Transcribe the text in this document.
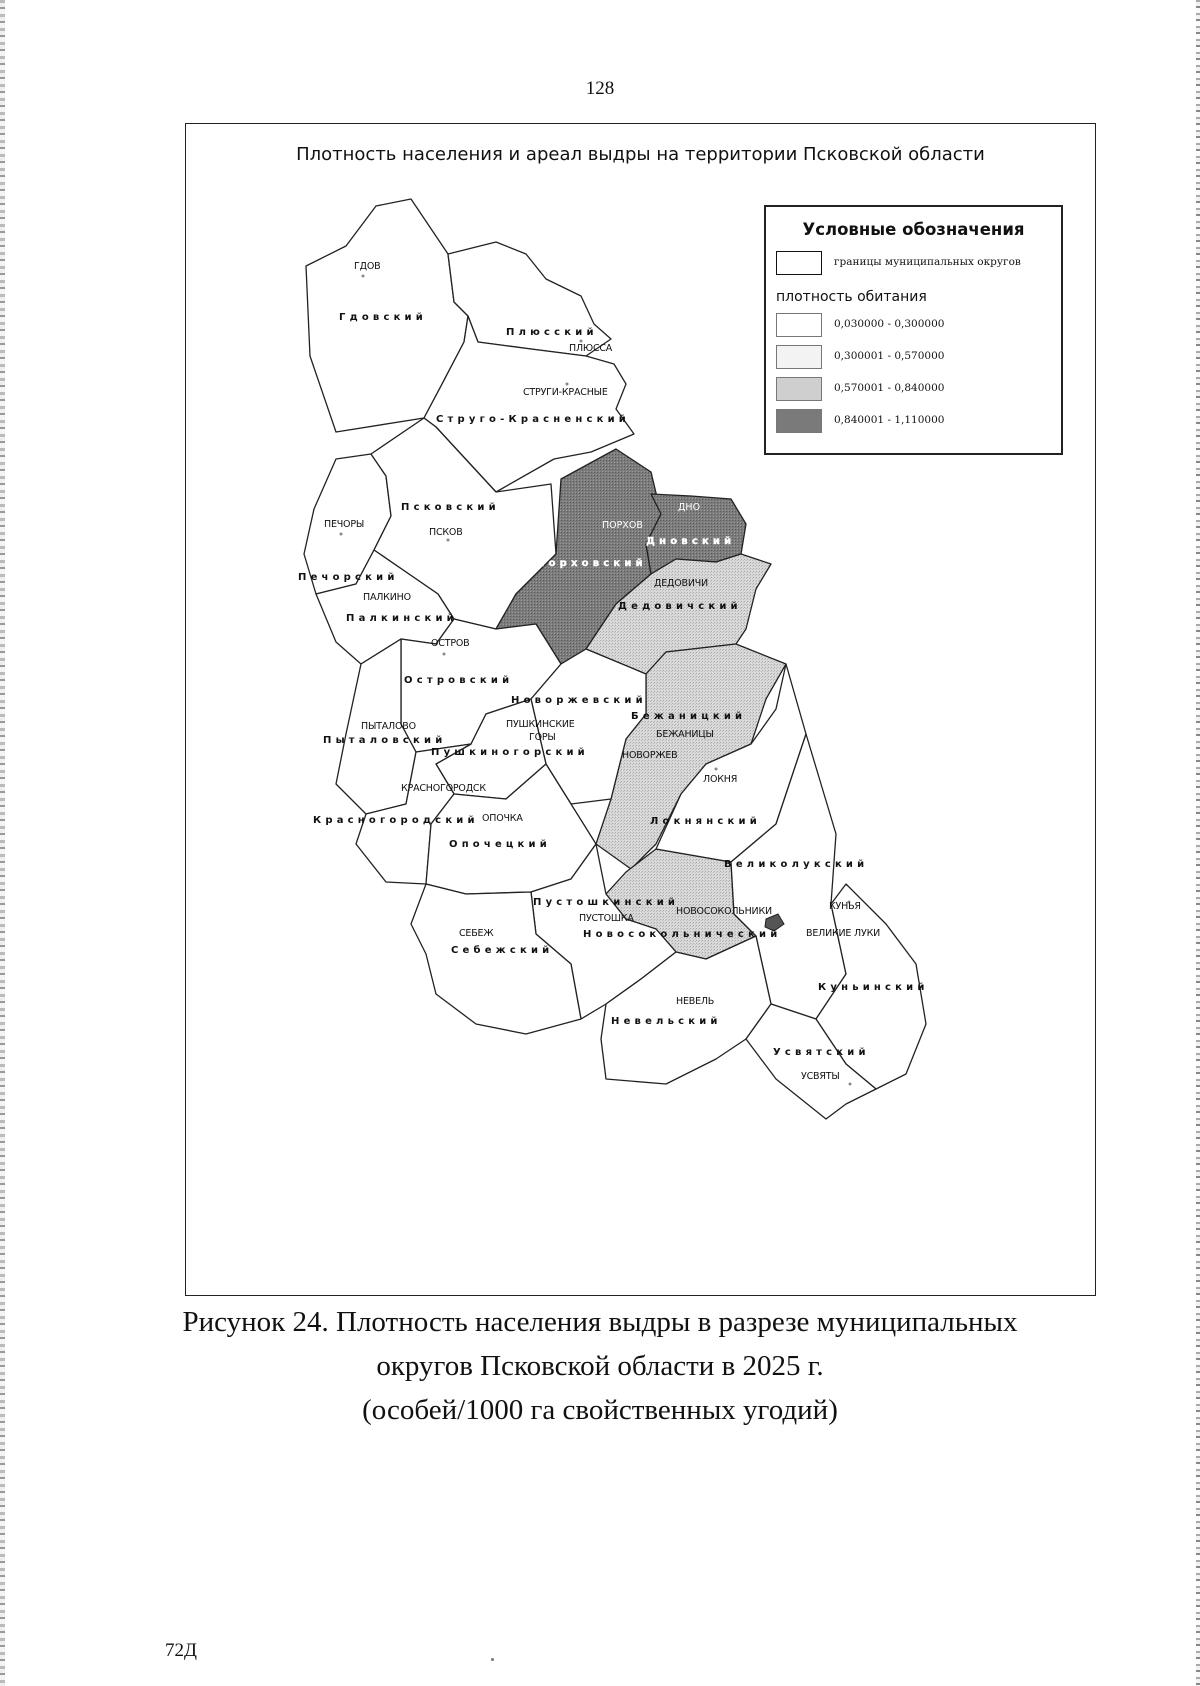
128
Плотность населения и ареал выдры на территории Псковской области
ГДОВ
ПЛЮССА
СТРУГИ-КРАСНЫЕ
ПЕЧОРЫ
ПСКОВ
ПОРХОВ
ДНО
ДЕДОВИЧИ
ПАЛКИНО
ОСТРОВ
ПУШКИНСКИЕ
ГОРЫ
НОВОРЖЕВ
БЕЖАНИЦЫ
ПЫТАЛОВО
КРАСНОГОРОДСК
ОПОЧКА
ЛОКНЯ
КУНЬЯ
ВЕЛИКИЕ ЛУКИ
НОВОСОКОЛЬНИКИ
ПУСТОШКА
СЕБЕЖ
НЕВЕЛЬ
УСВЯТЫ
Гдовский
Плюсский
Струго-Красненский
Псковский
Печорский
Палкинский
Порховский
Дновский
Дедовичский
Островский
Новоржевский
Бежаницкий
Пыталовский
Пушкиногорский
Красногородский
Опочецкий
Локнянский
Великолукский
Пустошкинский
Новосокольнический
Себежский
Куньинский
Невельский
Усвятский
Условные обозначения
границы муниципальных округов
плотность обитания
0,030000 - 0,300000
0,300001 - 0,570000
0,570001 - 0,840000
0,840001 - 1,110000
Рисунок 24. Плотность населения выдры в разрезе муниципальных
округов Псковской области в 2025 г.
(особей/1000 га свойственных угодий)
72Д
